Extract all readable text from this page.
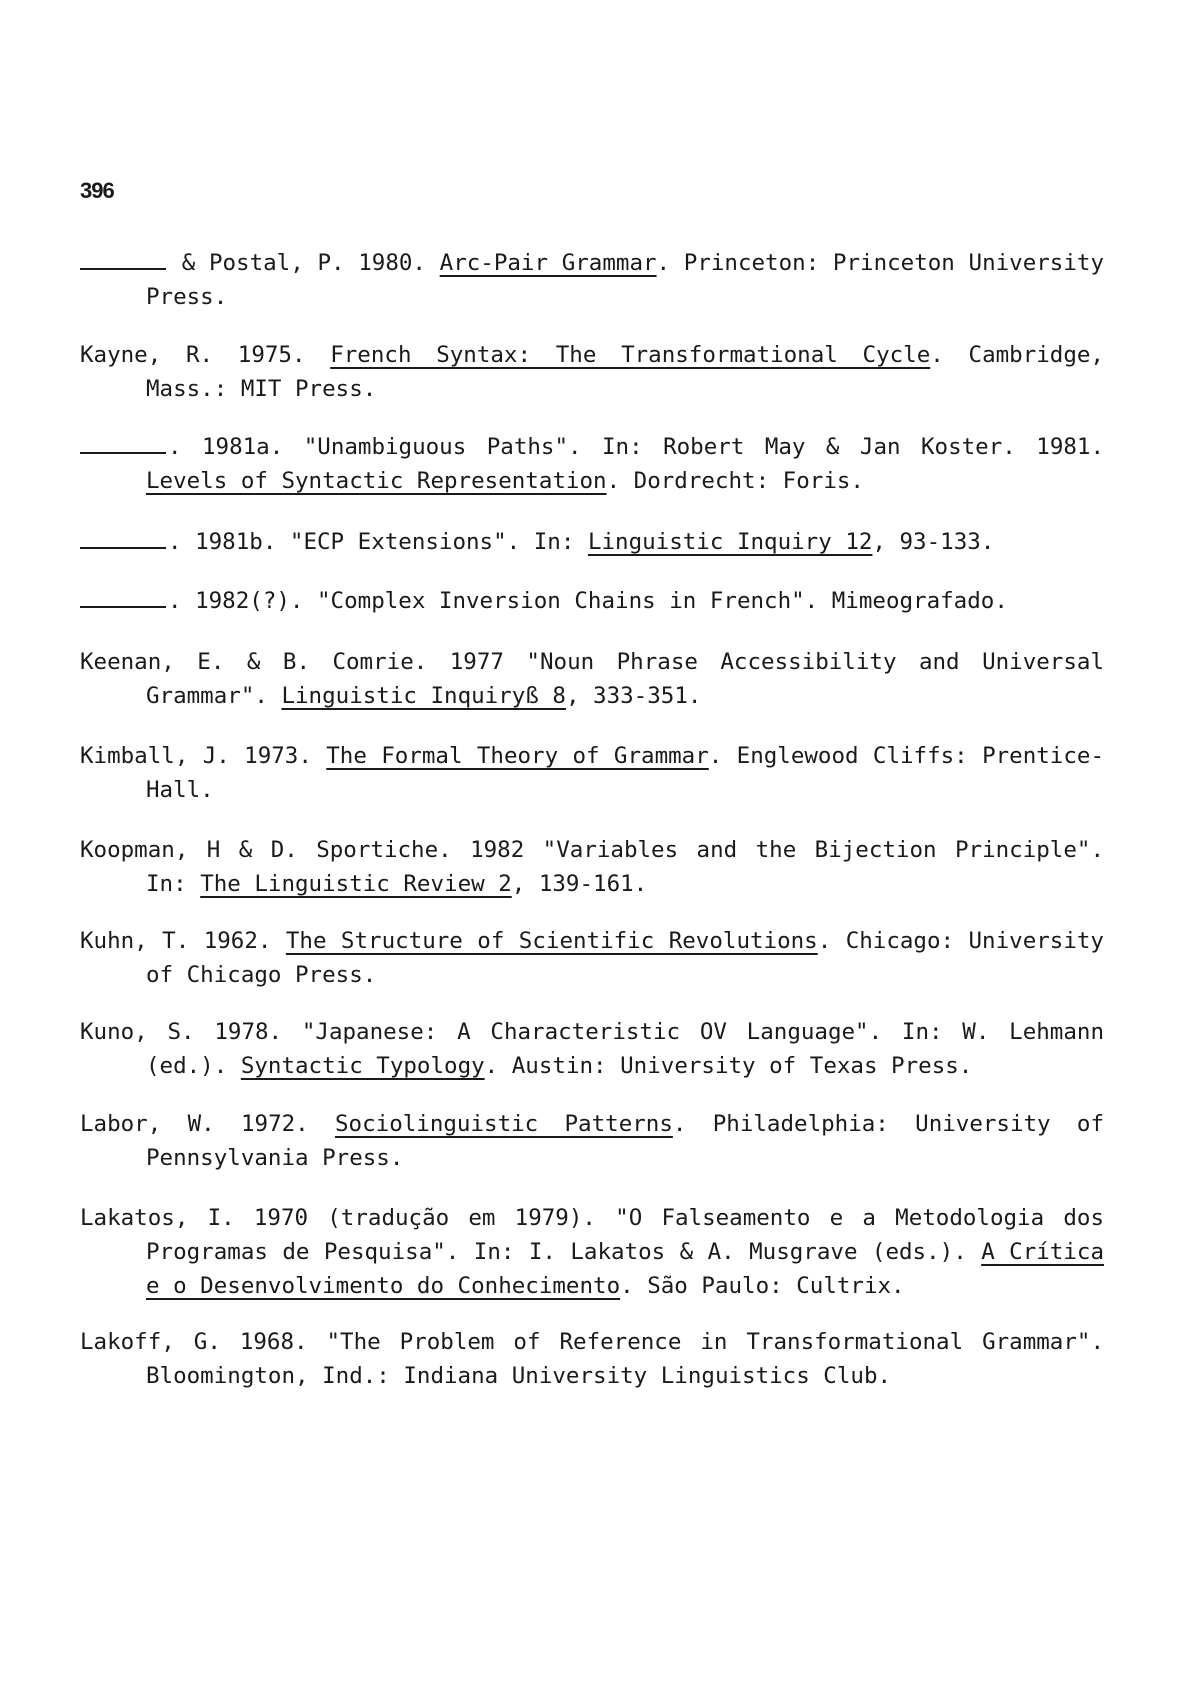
396

& Postal, P. 1980. Arc-Pair Grammar. Princeton: Princeton University Press.

Kayne, R. 1975. French Syntax: The Transformational Cycle. Cambridge, Mass.: MIT Press.

. 1981a. "Unambiguous Paths". In: Robert May & Jan Koster. 1981. Levels of Syntactic Representation. Dordrecht: Foris.

. 1981b. "ECP Extensions". In: Linguistic Inquiry 12, 93-133.

. 1982(?). "Complex Inversion Chains in French". Mimeografado.

Keenan, E. & B. Comrie. 1977 "Noun Phrase Accessibility and Universal Grammar". Linguistic Inquiryß 8, 333-351.

Kimball, J. 1973. The Formal Theory of Grammar. Englewood Cliffs: Prentice-Hall.

Koopman, H & D. Sportiche. 1982 "Variables and the Bijection Principle". In: The Linguistic Review 2, 139-161.

Kuhn, T. 1962. The Structure of Scientific Revolutions. Chicago: University of Chicago Press.

Kuno, S. 1978. "Japanese: A Characteristic OV Language". In: W. Lehmann (ed.). Syntactic Typology. Austin: University of Texas Press.

Labor, W. 1972. Sociolinguistic Patterns. Philadelphia: University of Pennsylvania Press.

Lakatos, I. 1970 (tradução em 1979). "O Falseamento e a Metodologia dos Programas de Pesquisa". In: I. Lakatos & A. Musgrave (eds.). A Crítica e o Desenvolvimento do Conhecimento. São Paulo: Cultrix.

Lakoff, G. 1968. "The Problem of Reference in Transformational Grammar". Bloomington, Ind.: Indiana University Linguistics Club.
